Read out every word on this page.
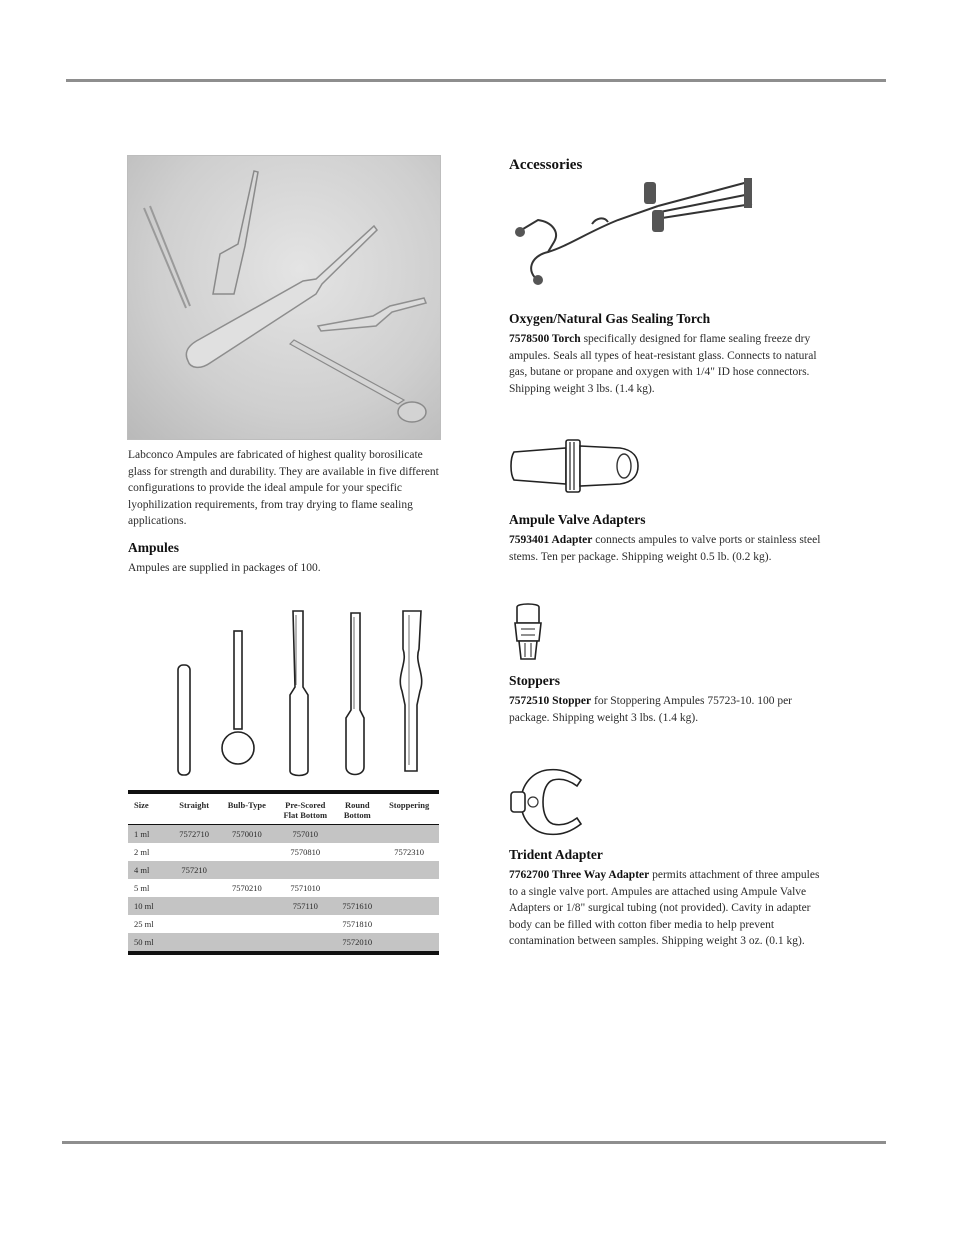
Labconco Ampules are fabricated of highest quality borosilicate glass for strength and durability. They are available in five different configurations to provide the ideal ampule for your specific lyophilization requirements, from tray drying to flame sealing applications.
Ampules
Ampules are supplied in packages of 100.
Size	Straight	Bulb-Type	Pre-Scored Flat Bottom	Round Bottom	Stoppering
1 ml	7572710	7570010	757010		
2 ml			7570810		7572310
4 ml	757210				
5 ml		7570210	7571010		
10 ml			757110	7571610	
25 ml				7571810	
50 ml				7572010	
Accessories
Oxygen/Natural Gas Sealing Torch
7578500 Torch specifically designed for flame sealing freeze dry ampules. Seals all types of heat-resistant glass. Connects to natural gas, butane or propane and oxygen with 1/4" ID hose connectors. Shipping weight 3 lbs. (1.4 kg).
Ampule Valve Adapters
7593401 Adapter connects ampules to valve ports or stainless steel stems. Ten per package. Shipping weight 0.5 lb. (0.2 kg).
Stoppers
7572510 Stopper for Stoppering Ampules 75723-10. 100 per package. Shipping weight 3 lbs. (1.4 kg).
Trident Adapter
7762700 Three Way Adapter permits attachment of three ampules to a single valve port. Ampules are attached using Ampule Valve Adapters or 1/8" surgical tubing (not provided). Cavity in adapter body can be filled with cotton fiber media to help prevent contamination between samples. Shipping weight 3 oz. (0.1 kg).
